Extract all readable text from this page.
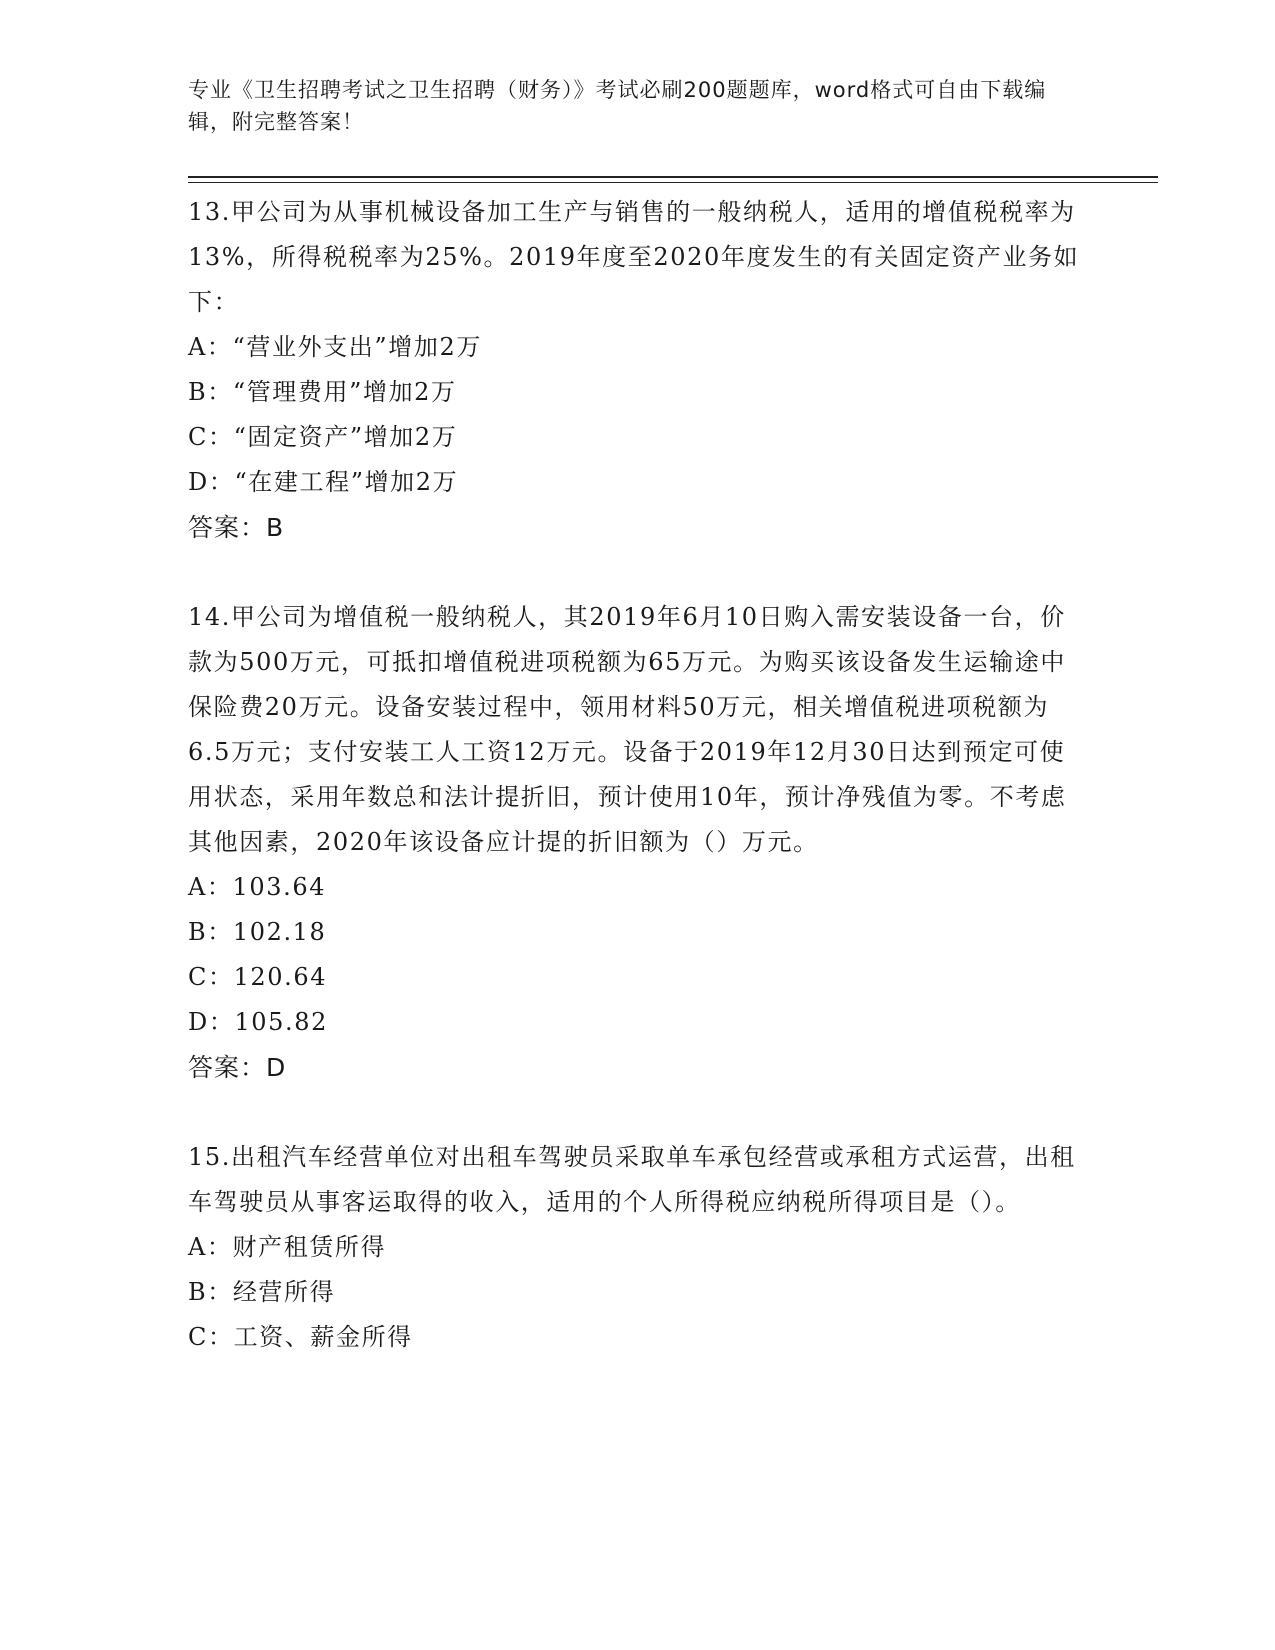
专业《卫生招聘考试之卫生招聘（财务）》考试必刷200题题库，word格式可自由下载编辑，附完整答案！

13.甲公司为从事机械设备加工生产与销售的一般纳税人，适用的增值税税率为13%，所得税税率为25%。2019年度至2020年度发生的有关固定资产业务如下：

A：“营业外支出”增加2万

B：“管理费用”增加2万

C：“固定资产”增加2万

D：“在建工程”增加2万

答案：B

14.甲公司为增值税一般纳税人，其2019年6月10日购入需安装设备一台，价款为500万元，可抵扣增值税进项税额为65万元。为购买该设备发生运输途中保险费20万元。设备安装过程中，领用材料50万元，相关增值税进项税额为6.5万元；支付安装工人工资12万元。设备于2019年12月30日达到预定可使用状态，采用年数总和法计提折旧，预计使用10年，预计净残值为零。不考虑其他因素，2020年该设备应计提的折旧额为（）万元。

A：103.64

B：102.18

C：120.64

D：105.82

答案：D

15.出租汽车经营单位对出租车驾驶员采取单车承包经营或承租方式运营，出租车驾驶员从事客运取得的收入，适用的个人所得税应纳税所得项目是（）。

A：财产租赁所得

B：经营所得

C：工资、薪金所得
